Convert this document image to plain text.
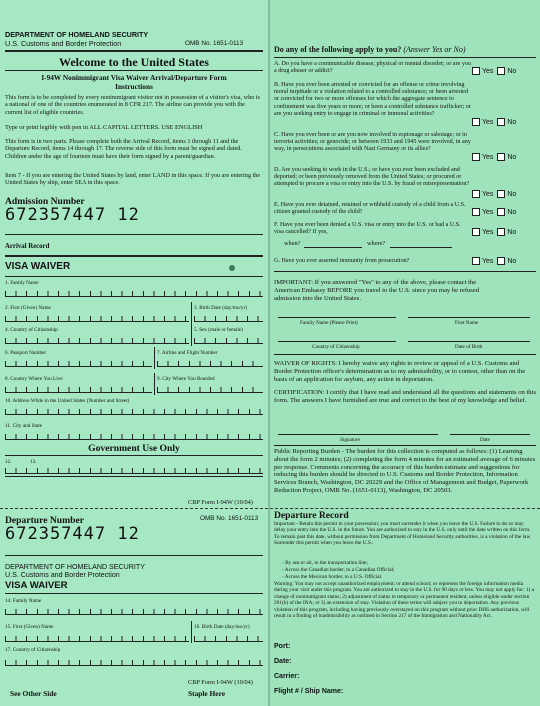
DEPARTMENT OF HOMELAND SECURITY
U.S. Customs and Border Protection	OMB No. 1651-0113
Welcome to the United States
I-94W Nonimmigrant Visa Waiver Arrival/Departure Form
Instructions
This form is to be completed by every nonimmigrant visitor not in possession of a visitor's visa, who is a national of one of the countries enumerated in 8 CFR 217. The airline can provide you with the current list of eligible countries.
Type or print legibly with pen in ALL CAPITAL LETTERS. USE ENGLISH
This form is in two parts. Please complete both the Arrival Record, items 1 through 11 and the Departure Record, items 14 through 17. The reverse side of this form must be signed and dated. Children under the age of fourteen must have their form signed by a parent/guardian.
Item 7 - If you are entering the United States by land, enter LAND in this space. If you are entering the United States by ship, enter SEA in this space.
Admission Number
672357447 12
Arrival Record
VISA WAIVER
1. Family Name
2. First (Given) Name	3. Birth Date (day/mo/yr)
4. Country of Citizenship	5. Sex (male or female)
6. Passport Number	7. Airline and Flight Number
8. Country Where You Live	9. City Where You Boarded
10. Address While in the United States (Number and Street)
11. City and State
Government Use Only
12.	13.
CBP Form I-94W (10/04)
Departure Number	OMB No. 1651-0113
672357447 12
DEPARTMENT OF HOMELAND SECURITY
U.S. Customs and Border Protection
VISA WAIVER
14. Family Name
15. First (Given) Name	16. Birth Date (day/mo/yr)
17. Country of Citizenship
CBP Form I-94W (10/04)
See Other Side	Staple Here
Do any of the following apply to you? (Answer Yes or No)
A. Do you have a communicable disease; physical or mental disorder; or are you a drug abuser or addict?	Yes No
B. Have you ever been arrested or convicted for an offense or crime involving moral turpitude or a violation related to a controlled substance; or been arrested or convicted for two or more offenses for which the aggregate sentence to confinement was five years or more; or been a controlled substance trafficker; or are you seeking entry to engage in criminal or immoral activities?
Yes No
C. Have you ever been or are you now involved in espionage or sabotage; or in terrorist activities; or genocide; or between 1933 and 1945 were involved, in any way, in persecutions associated with Nazi Germany or its allies?
Yes No
D. Are you seeking to work in the U.S.; or have you ever been excluded and deported; or been previously removed from the United States; or procured or attempted to procure a visa or entry into the U.S. by fraud or misrepresentation?
Yes No
E. Have you ever detained, retained or withheld custody of a child from a U.S. citizen granted custody of the child?	Yes No
F. Have you ever been denied a U.S. visa or entry into the U.S. or had a U.S. visa cancelled? If yes,	Yes No
when?	where?
G. Have you ever asserted immunity from prosecution?	Yes No
IMPORTANT: If you answered "Yes" to any of the above, please contact the American Embassy BEFORE you travel to the U.S. since you may be refused admission into the United States.
Family Name (Please Print)	First Name
Country of Citizenship	Date of Birth
WAIVER OF RIGHTS: I hereby waive any rights to review or appeal of a U.S. Customs and Border Protection officer's determination as to my admissibility, or to contest, other than on the basis of an application for asylum, any action in deportation.
CERTIFICATION: I certify that I have read and understand all the questions and statements on this form. The answers I have furnished are true and correct to the best of my knowledge and belief.
Signature	Date
Public Reporting Burden - The burden for this collection is computed as follows: (1) Learning about the form 2 minutes; (2) completing the form 4 minutes for an estimated average of 6 minutes per response. Comments concerning the accuracy of this burden estimate and suggestions for reducing this burden should be directed to U.S. Customs and Border Protection, Information Services Branch, Washington, DC 20229 and the Office of Management and Budget, Paperwork Reduction Project, OMB No. (1651-0113), Washington, DC 20503.
Departure Record
Important - Retain this permit in your possession; you must surrender it when you leave the U.S. Failure to do so may delay your entry into the U.S. in the future. You are authorized to stay in the U.S. only until the date written on this form. To remain past this date, without permission from Department of Homeland Security authorities, is a violation of the law. Surrender this permit when you leave the U.S.:
- By sea or air, to the transportation line;
- Across the Canadian border, to a Canadian Official;
- Across the Mexican border, to a U.S. Official.
Warning: You may not accept unauthorized employment; or attend school; or represent the foreign information media during your visit under this program. You are authorized to stay in the U.S. for 90 days or less. You may not apply for: 1) a change of nonimmigrant status; 2) adjustment of status to temporary or permanent resident, unless eligible under section 201(b) of the INA; or 3) an extension of stay. Violation of these terms will subject you to deportation. Any previous violation of this program, including having previously overstayed on this program without prior DHS authorization, will result in a finding of inadmissibility as outlined in Section 217 of the Immigration and Nationality Act.
Port:
Date:
Carrier:
Flight # / Ship Name:
